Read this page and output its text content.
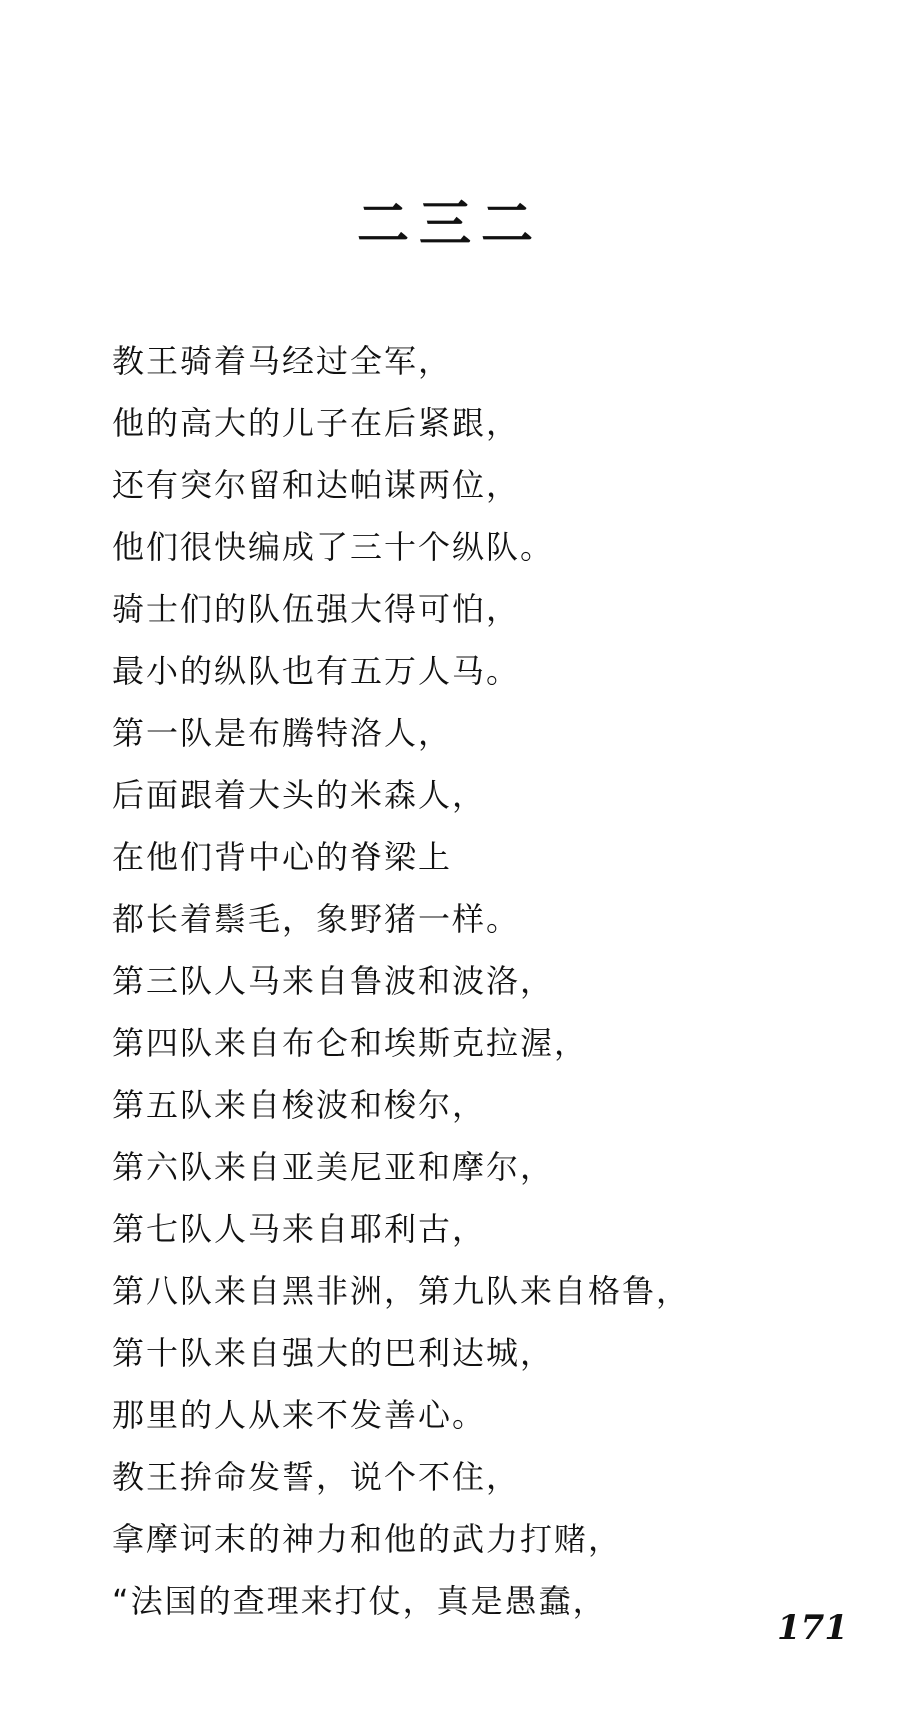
二三二
教王骑着马经过全军，
他的高大的儿子在后紧跟，
还有突尔留和达帕谋两位，
他们很快编成了三十个纵队。
骑士们的队伍强大得可怕，
最小的纵队也有五万人马。
第一队是布腾特洛人，
后面跟着大头的米森人，
在他们背中心的脊梁上
都长着鬃毛，象野猪一样。
第三队人马来自鲁波和波洛，
第四队来自布仑和埃斯克拉渥，
第五队来自梭波和梭尔，
第六队来自亚美尼亚和摩尔，
第七队人马来自耶利古，
第八队来自黑非洲，第九队来自格鲁，
第十队来自强大的巴利达城，
那里的人从来不发善心。
教王拚命发誓，说个不住，
拿摩诃末的神力和他的武力打赌，
“法国的查理来打仗，真是愚蠢，
171
